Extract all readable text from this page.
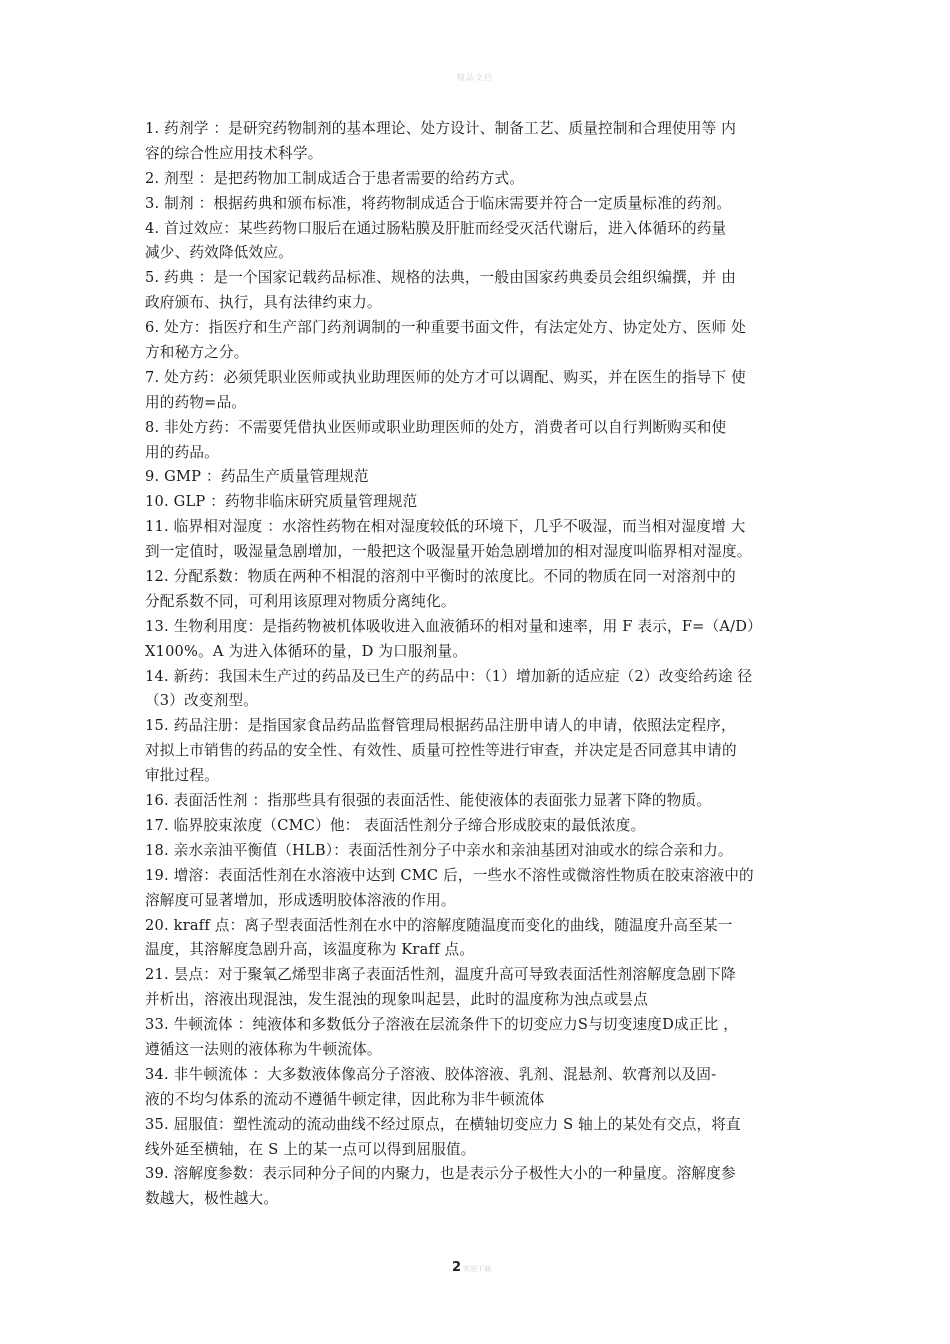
精品文档
1. 药剂学 ：是研究药物制剂的基本理论、处方设计、制备工艺、质量控制和合理使用等 内
容的综合性应用技术科学。
2. 剂型 ：是把药物加工制成适合于患者需要的给药方式。
3. 制剂 ：根据药典和颁布标准，将药物制成适合于临床需要并符合一定质量标准的药剂。
4. 首过效应：某些药物口服后在通过肠粘膜及肝脏而经受灭活代谢后，进入体循环的药量
减少、药效降低效应。
5. 药典 ：是一个国家记载药品标准、规格的法典，一般由国家药典委员会组织编撰，并 由
政府颁布、执行，具有法律约束力。
6. 处方：指医疗和生产部门药剂调制的一种重要书面文件，有法定处方、协定处方、医师 处
方和秘方之分。
7. 处方药：必须凭职业医师或执业助理医师的处方才可以调配、购买，并在医生的指导下 使
用的药物=品。
8. 非处方药：不需要凭借执业医师或职业助理医师的处方，消费者可以自行判断购买和使
用的药品。
9. GMP ：药品生产质量管理规范
10. GLP ：药物非临床研究质量管理规范
11. 临界相对湿度 ：水溶性药物在相对湿度较低的环境下，几乎不吸湿，而当相对湿度增 大
到一定值时，吸湿量急剧增加，一般把这个吸湿量开始急剧增加的相对湿度叫临界相对湿度。
12. 分配系数：物质在两种不相混的溶剂中平衡时的浓度比。不同的物质在同一对溶剂中的
分配系数不同，可利用该原理对物质分离纯化。
13. 生物利用度：是指药物被机体吸收进入血液循环的相对量和速率，用 F 表示，F=（A/D）
X100%。A 为进入体循环的量，D 为口服剂量。
14. 新药：我国未生产过的药品及已生产的药品中：（1）增加新的适应症（2）改变给药途 径
（3）改变剂型。
15. 药品注册：是指国家食品药品监督管理局根据药品注册申请人的申请，依照法定程序，
对拟上市销售的药品的安全性、有效性、质量可控性等进行审查，并决定是否同意其申请的
审批过程。
16. 表面活性剂 ：指那些具有很强的表面活性、能使液体的表面张力显著下降的物质。
17. 临界胶束浓度（CMC）他： 表面活性剂分子缔合形成胶束的最低浓度。
18. 亲水亲油平衡值（HLB）：表面活性剂分子中亲水和亲油基团对油或水的综合亲和力。
19. 增溶：表面活性剂在水溶液中达到 CMC 后，一些水不溶性或微溶性物质在胶束溶液中的
溶解度可显著增加，形成透明胶体溶液的作用。
20. kraff 点：离子型表面活性剂在水中的溶解度随温度而变化的曲线，随温度升高至某一
温度，其溶解度急剧升高，该温度称为 Kraff 点。
21. 昙点：对于聚氧乙烯型非离子表面活性剂，温度升高可导致表面活性剂溶解度急剧下降
并析出，溶液出现混浊，发生混浊的现象叫起昙，此时的温度称为浊点或昙点
33. 牛顿流体 ：纯液体和多数低分子溶液在层流条件下的切变应力S与切变速度D成正比 ，
遵循这一法则的液体称为牛顿流体。
34. 非牛顿流体 ：大多数液体像高分子溶液、胶体溶液、乳剂、混悬剂、软膏剂以及固-
液的不均匀体系的流动不遵循牛顿定律，因此称为非牛顿流体
35. 屈服值：塑性流动的流动曲线不经过原点，在横轴切变应力 S 轴上的某处有交点，将直
线外延至横轴，在 S 上的某一点可以得到屈服值。
39. 溶解度参数：表示同种分子间的内聚力，也是表示分子极性大小的一种量度。溶解度参
数越大，极性越大。
2 欢迎下载
